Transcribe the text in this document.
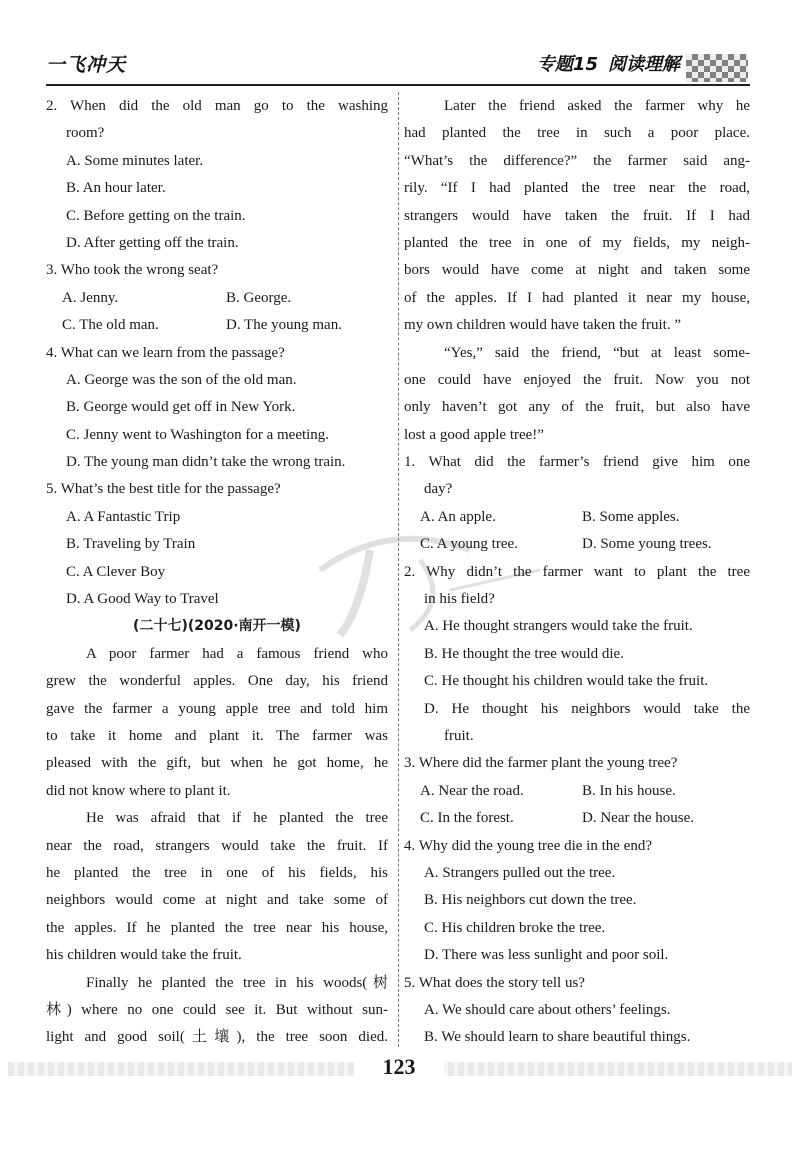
一飞冲天	专题15 阅读理解
2. When did the old man go to the washing
room?
A. Some minutes later.
B. An hour later.
C. Before getting on the train.
D. After getting off the train.
3. Who took the wrong seat?
A. Jenny.	B. George.
C. The old man.	D. The young man.
4. What can we learn from the passage?
A. George was the son of the old man.
B. George would get off in New York.
C. Jenny went to Washington for a meeting.
D. The young man didn’t take the wrong train.
5. What’s the best title for the passage?
A. A Fantastic Trip
B. Traveling by Train
C. A Clever Boy
D. A Good Way to Travel
(二十七)(2020·南开一模)
A poor farmer had a famous friend who
grew the wonderful apples. One day, his friend
gave the farmer a young apple tree and told him
to take it home and plant it. The farmer was
pleased with the gift, but when he got home, he
did not know where to plant it.
He was afraid that if he planted the tree
near the road, strangers would take the fruit. If
he planted the tree in one of his fields, his
neighbors would come at night and take some of
the apples. If he planted the tree near his house,
his children would take the fruit.
Finally he planted the tree in his woods(树
林) where no one could see it. But without sun-
light and good soil(土壤), the tree soon died.
Later the friend asked the farmer why he
had planted the tree in such a poor place.
“What’s the difference?” the farmer said ang-
rily. “If I had planted the tree near the road,
strangers would have taken the fruit. If I had
planted the tree in one of my fields, my neigh-
bors would have come at night and taken some
of the apples. If I had planted it near my house,
my own children would have taken the fruit. ”
“Yes,” said the friend, “but at least some-
one could have enjoyed the fruit. Now you not
only haven’t got any of the fruit, but also have
lost a good apple tree!”
1. What did the farmer’s friend give him one
day?
A. An apple.	B. Some apples.
C. A young tree.	D. Some young trees.
2. Why didn’t the farmer want to plant the tree
in his field?
A. He thought strangers would take the fruit.
B. He thought the tree would die.
C. He thought his children would take the fruit.
D. He thought his neighbors would take the
fruit.
3. Where did the farmer plant the young tree?
A. Near the road.	B. In his house.
C. In the forest.	D. Near the house.
4. Why did the young tree die in the end?
A. Strangers pulled out the tree.
B. His neighbors cut down the tree.
C. His children broke the tree.
D. There was less sunlight and poor soil.
5. What does the story tell us?
A. We should care about others’ feelings.
B. We should learn to share beautiful things.
123
